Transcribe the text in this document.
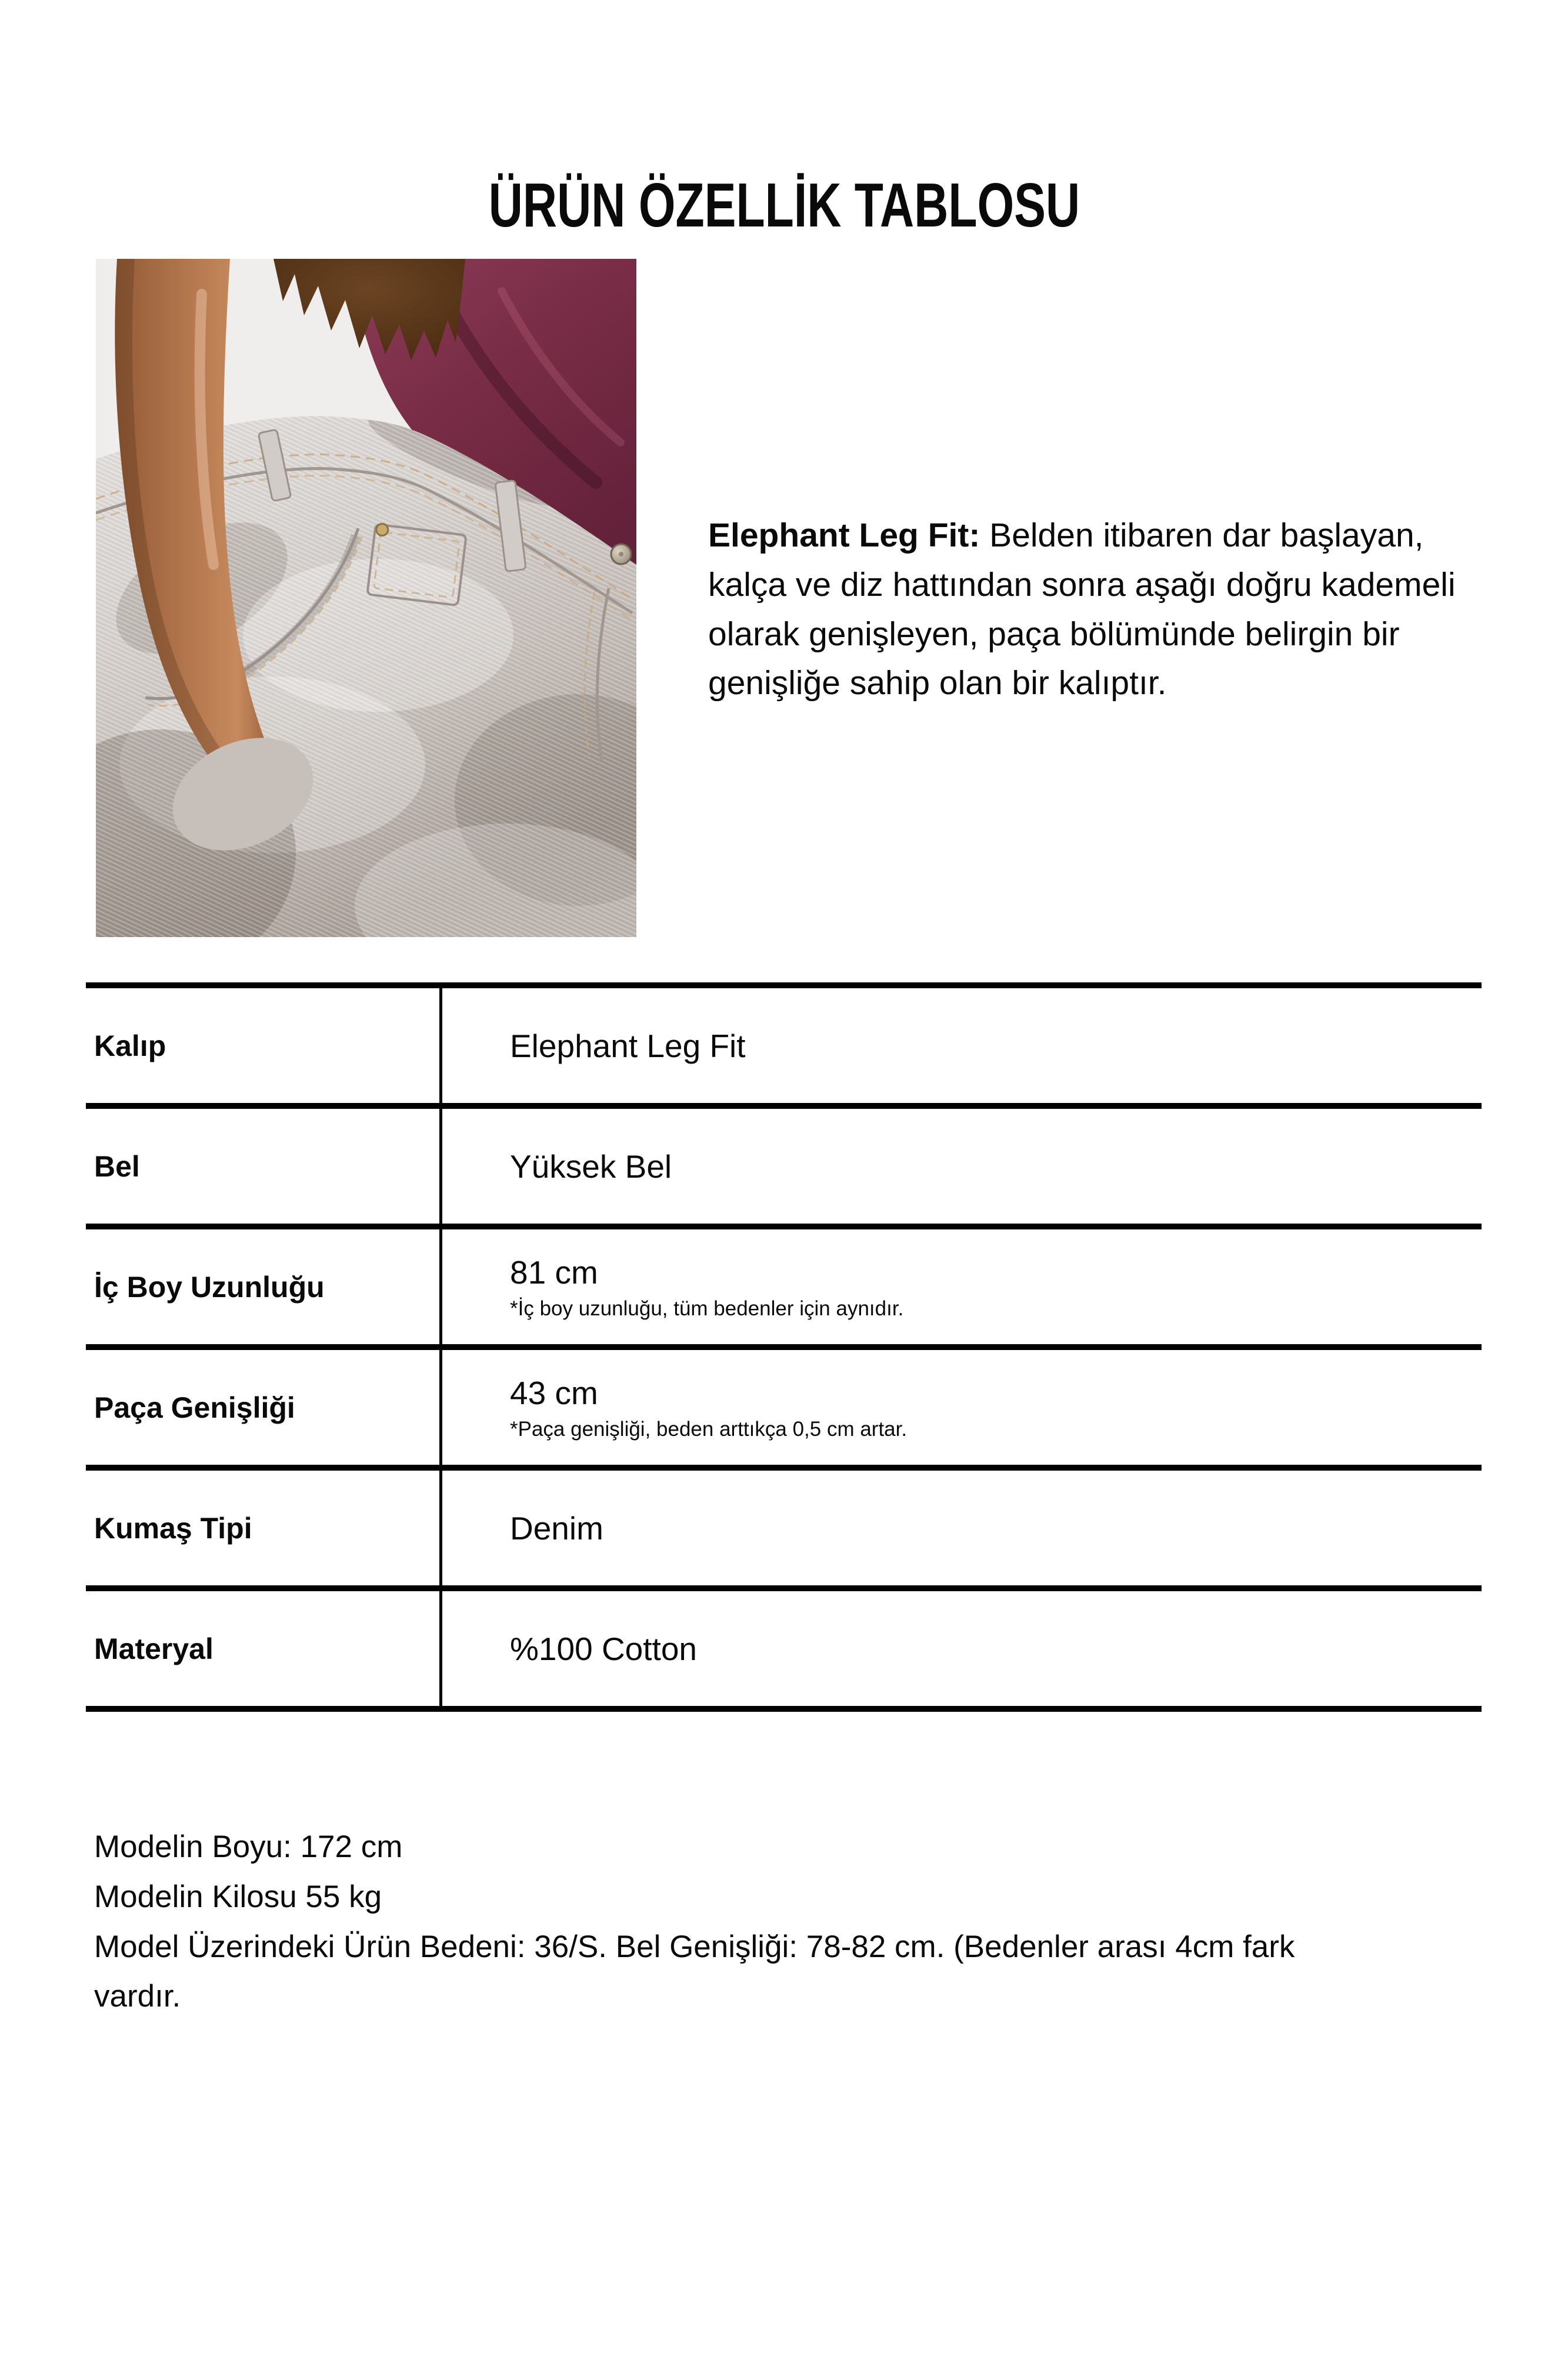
ÜRÜN ÖZELLİK TABLOSU

Elephant Leg Fit: Belden itibaren dar başlayan, kalça ve diz hattından sonra aşağı doğru kademeli olarak genişleyen, paça bölümünde belirgin bir genişliğe sahip olan bir kalıptır.

Kalıp	Elephant Leg Fit
Bel	Yüksek Bel
İç Boy Uzunluğu	81 cm
*İç boy uzunluğu, tüm bedenler için aynıdır.
Paça Genişliği	43 cm
*Paça genişliği, beden arttıkça 0,5 cm artar.
Kumaş Tipi	Denim
Materyal	%100 Cotton
Modelin Boyu: 172 cm
Modelin Kilosu 55 kg
Model Üzerindeki Ürün Bedeni: 36/S. Bel Genişliği: 78-82 cm. (Bedenler arası 4cm fark vardır.
